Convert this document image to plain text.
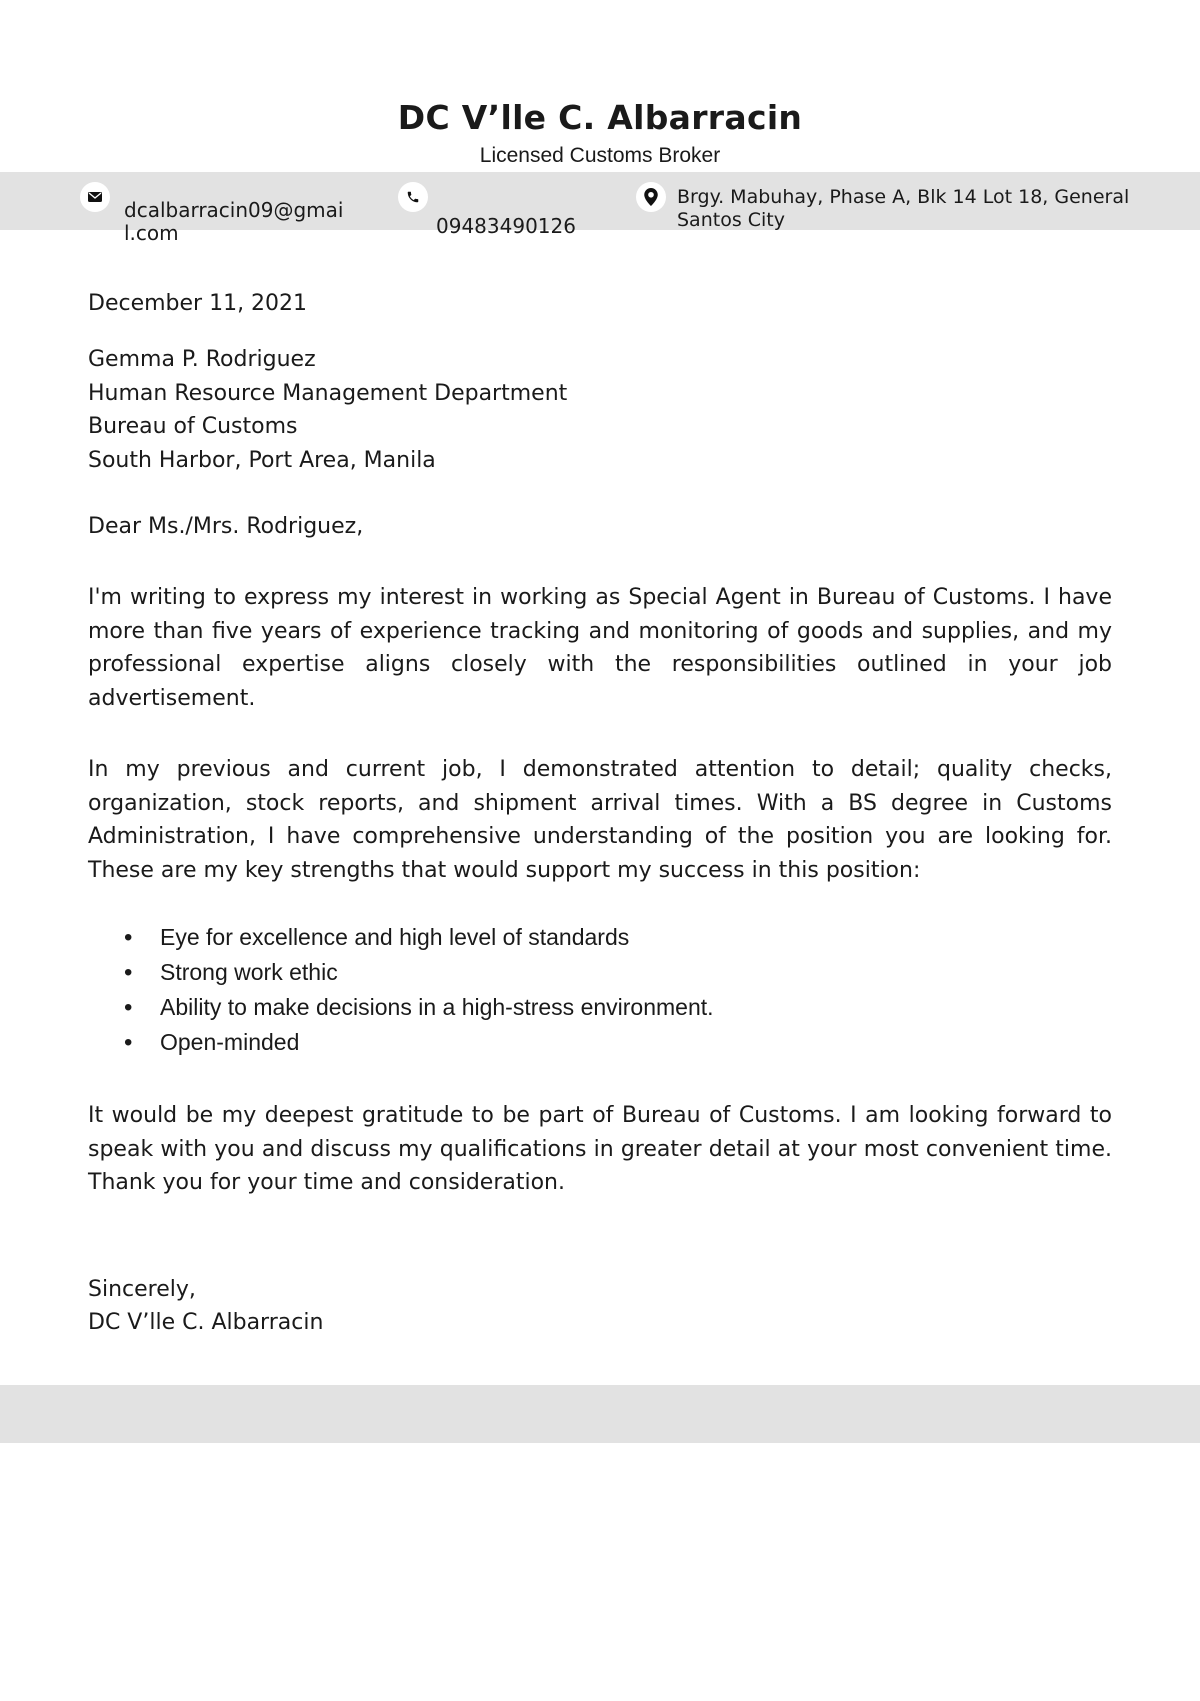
DC V’lle C. Albarracin
Licensed Customs Broker
dcalbarracin09@gmail.com	09483490126
Brgy. Mabuhay, Phase A, Blk 14 Lot 18, General Santos City
December 11, 2021
Gemma P. Rodriguez
Human Resource Management Department
Bureau of Customs
South Harbor, Port Area, Manila
Dear Ms./Mrs. Rodriguez,
I'm writing to express my interest in working as Special Agent in Bureau of Customs. I have more than five years of experience tracking and monitoring of goods and supplies, and my professional expertise aligns closely with the responsibilities outlined in your job advertisement.
In my previous and current job, I demonstrated attention to detail; quality checks, organization, stock reports, and shipment arrival times. With a BS degree in Customs Administration, I have comprehensive understanding of the position you are looking for. These are my key strengths that would support my success in this position:
• Eye for excellence and high level of standards
• Strong work ethic
• Ability to make decisions in a high-stress environment.
• Open-minded
It would be my deepest gratitude to be part of Bureau of Customs. I am looking forward to speak with you and discuss my qualifications in greater detail at your most convenient time. Thank you for your time and consideration.
Sincerely,
DC V’lle C. Albarracin
